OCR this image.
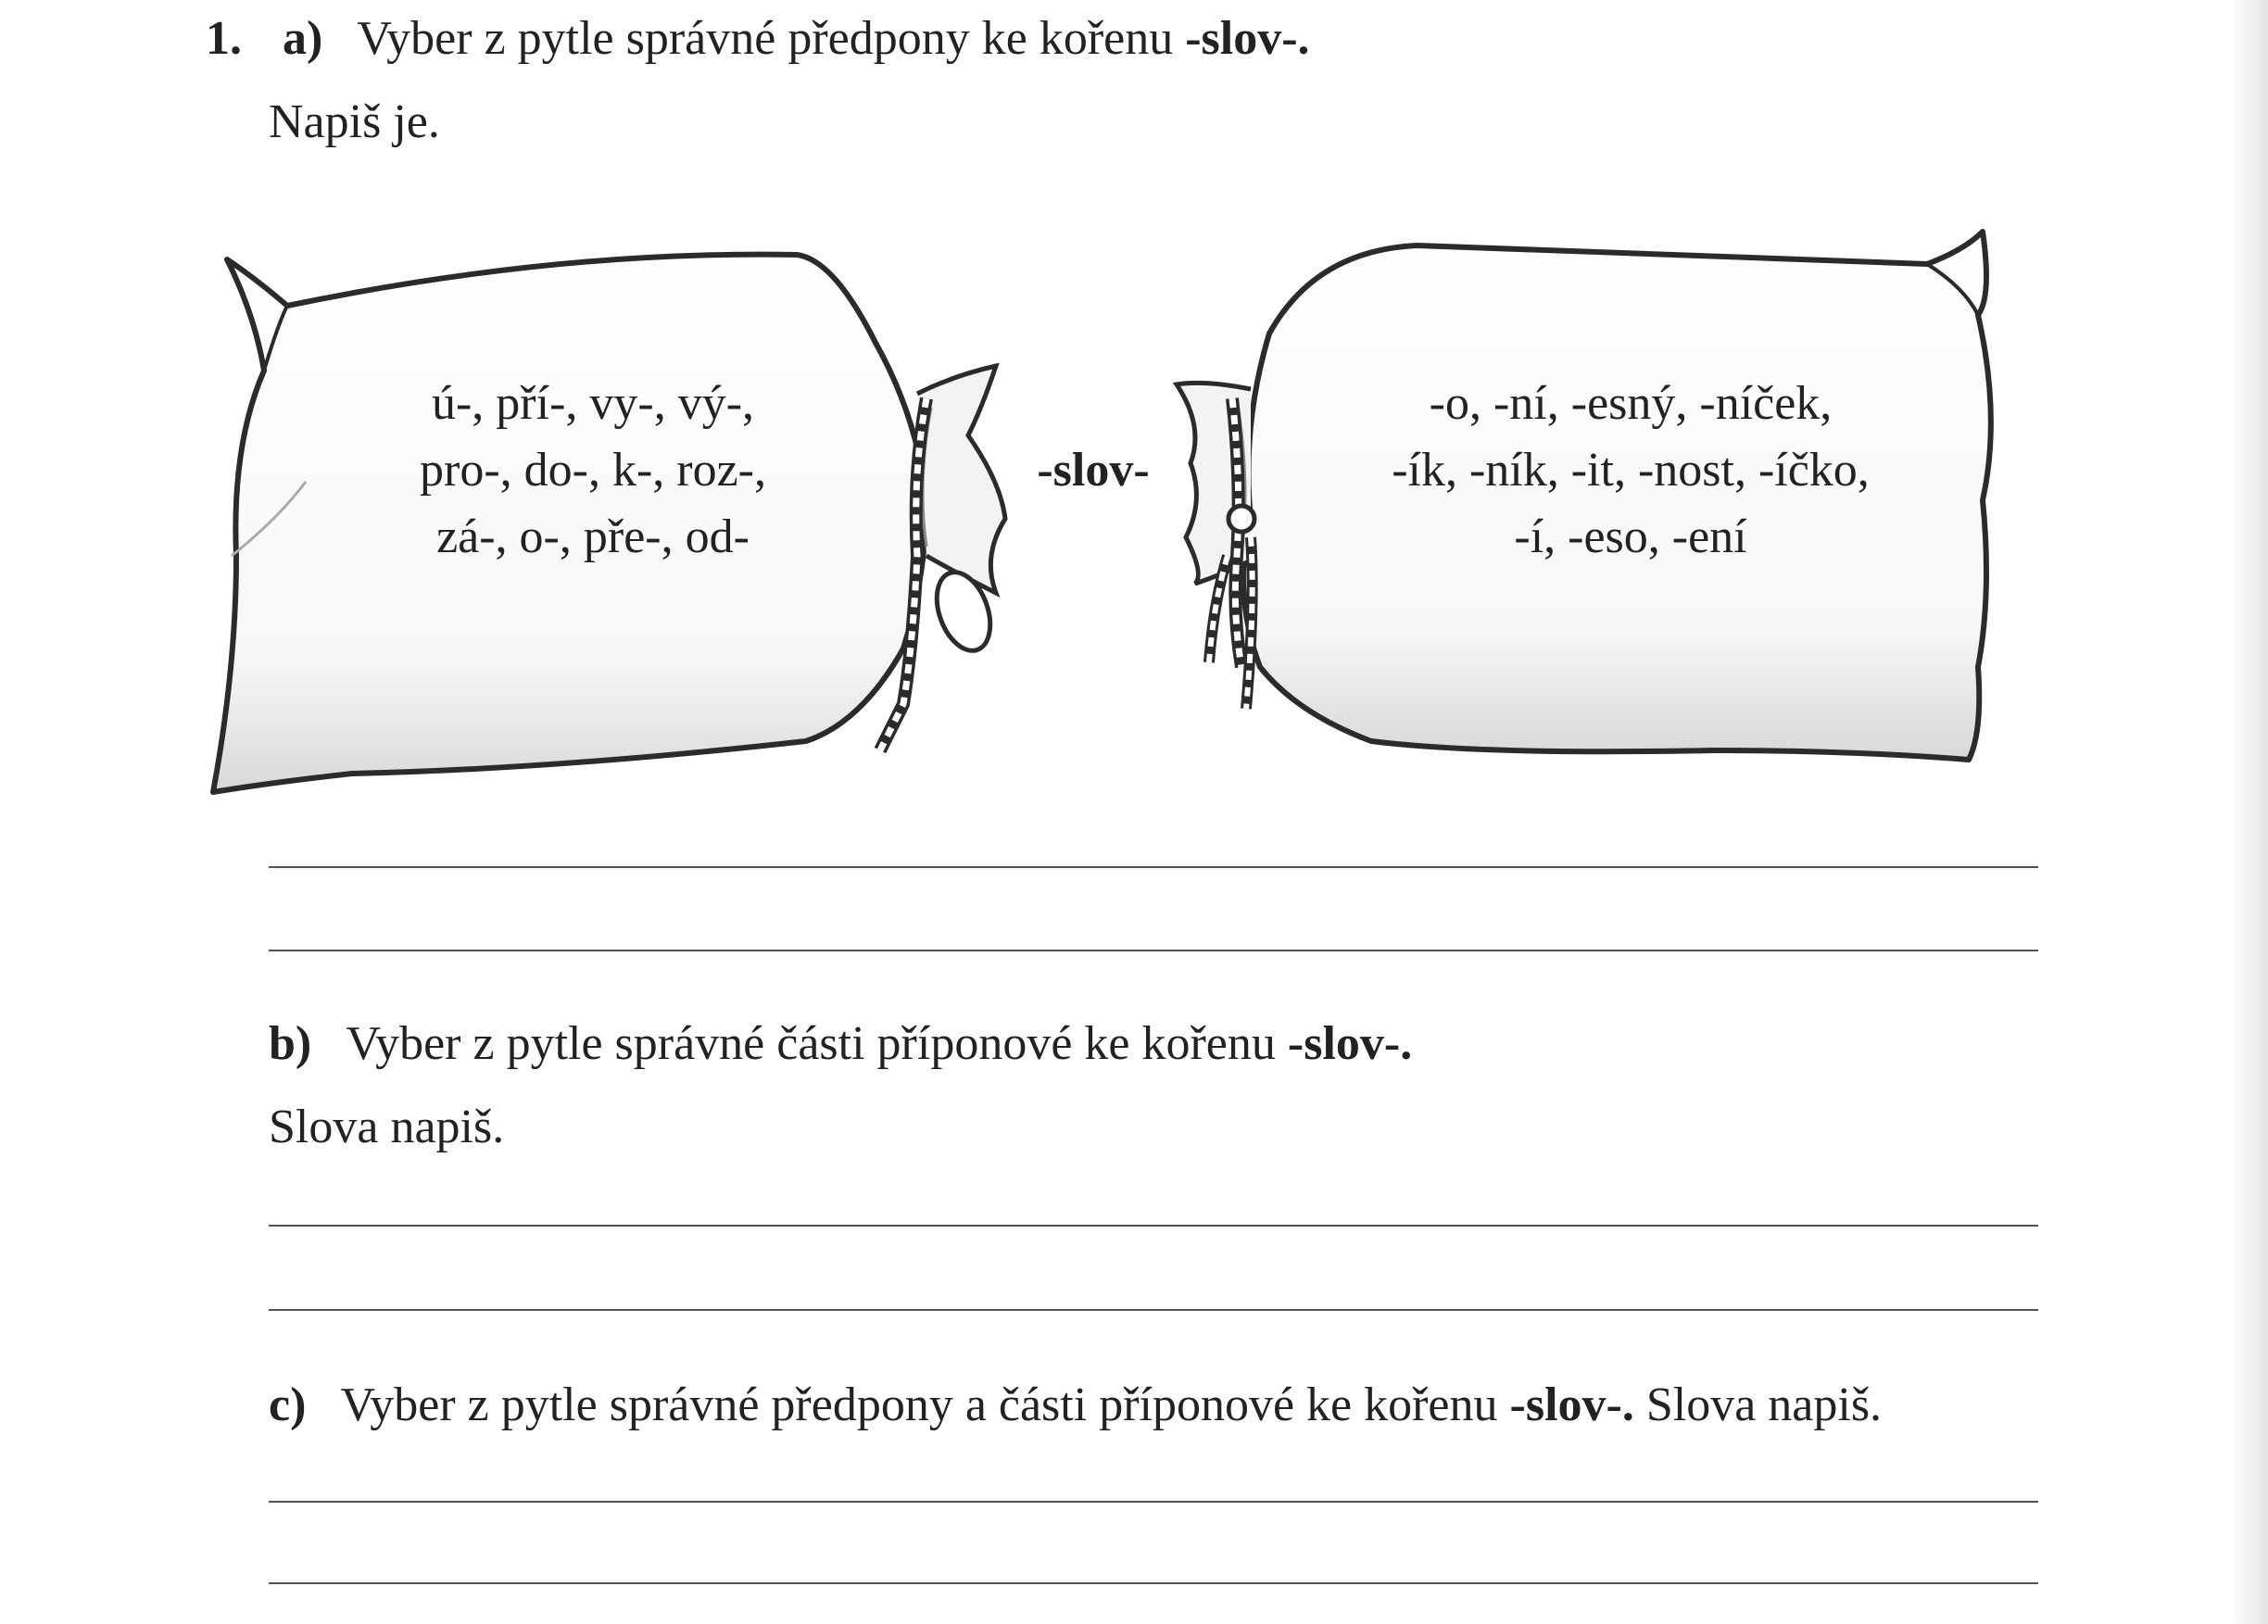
1. a) Vyber z pytle správné předpony ke kořenu -slov-.
Napiš je.
ú-, pří-, vy-, vý-,
pro-, do-, k-, roz-,
zá-, o-, pře-, od-
-slov-
-o, -ní, -esný, -níček,
-ík, -ník, -it, -nost, -íčko,
-í, -eso, -ení
b) Vyber z pytle správné části příponové ke kořenu -slov-.
Slova napiš.
c) Vyber z pytle správné předpony a části příponové ke kořenu -slov-. Slova napiš.
